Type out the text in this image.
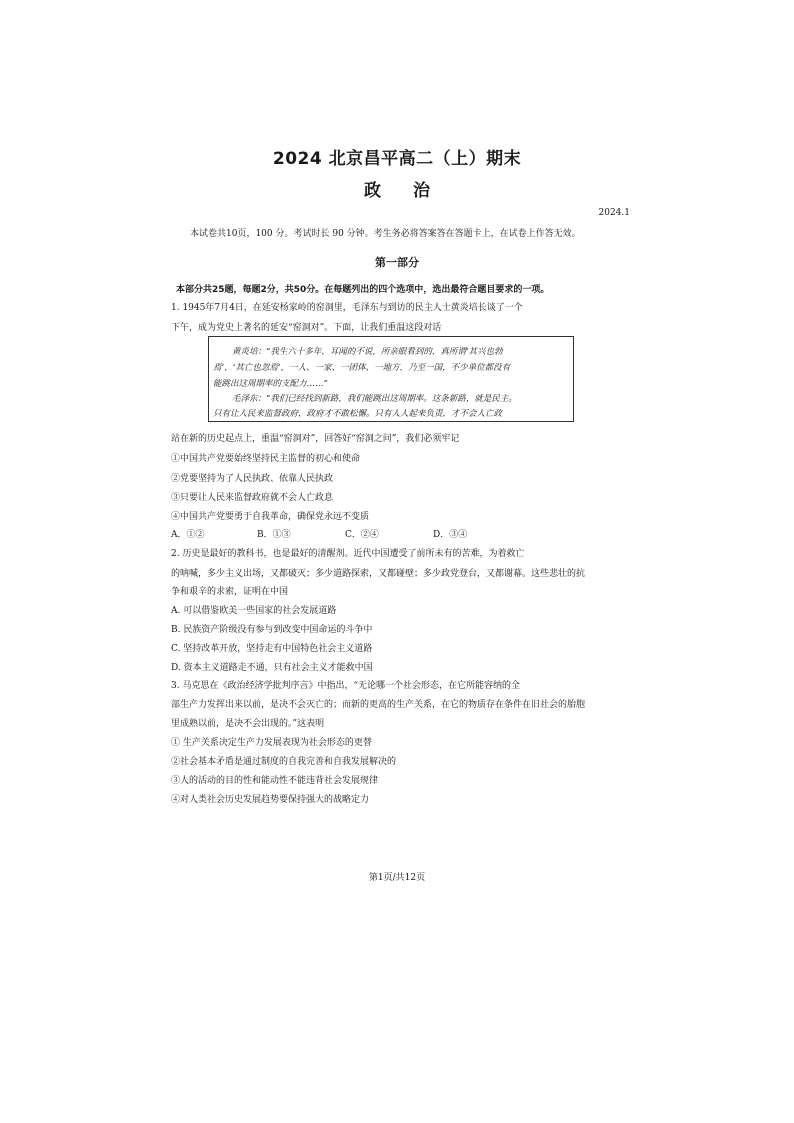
2024 北京昌平高二（上）期末
政 治
2024.1
本试卷共10页，100 分。考试时长 90 分钟。考生务必将答案答在答题卡上，在试卷上作答无效。
第一部分
本部分共25题，每题2分，共50分。在每题列出的四个选项中，选出最符合题目要求的一项。
1. 1945年7月4日，在延安杨家岭的窑洞里，毛泽东与到访的民主人士黄炎培长谈了一个
下午，成为党史上著名的延安“窑洞对”。下面，让我们重温这段对话
黄炎培：“我生六十多年，耳闻的不说，所亲眼看到的，真所谓‘其兴也勃
焉’，‘其亡也忽焉’，一人、一家、一团体、一地方，乃至一国，不少单位都没有
能跳出这周期率的支配力……”
毛泽东：“我们已经找到新路，我们能跳出这周期率。这条新路，就是民主。
只有让人民来监督政府，政府才不敢松懈。只有人人起来负责，才不会人亡政
站在新的历史起点上，重温“窑洞对”，回答好“窑洞之问”，我们必须牢记
①中国共产党要始终坚持民主监督的初心和使命
②党要坚持为了人民执政、依靠人民执政
③只要让人民来监督政府就不会人亡政息
④中国共产党要勇于自我革命，确保党永远不变质
A．①②	B．①③	C．②④	D．③④
2. 历史是最好的教科书，也是最好的清醒剂。近代中国遭受了前所未有的苦难，为着救亡
的呐喊，多少主义出场，又都破灭；多少道路探索，又都碰壁；多少政党登台，又都谢幕。这些悲壮的抗
争和艰辛的求索，证明在中国
A. 可以借鉴欧美一些国家的社会发展道路
B. 民族资产阶级没有参与到改变中国命运的斗争中
C. 坚持改革开放，坚持走有中国特色社会主义道路
D. 资本主义道路走不通，只有社会主义才能救中国
3. 马克思在《政治经济学批判序言》中指出，“无论哪一个社会形态，在它所能容纳的全
部生产力发挥出来以前，是决不会灭亡的；而新的更高的生产关系，在它的物质存在条件在旧社会的胎胞
里成熟以前，是决不会出现的。”这表明
① 生产关系决定生产力发展表现为社会形态的更替
②社会基本矛盾是通过制度的自我完善和自我发展解决的
③人的活动的目的性和能动性不能违背社会发展规律
④对人类社会历史发展趋势要保持强大的战略定力
第1页/共12页
